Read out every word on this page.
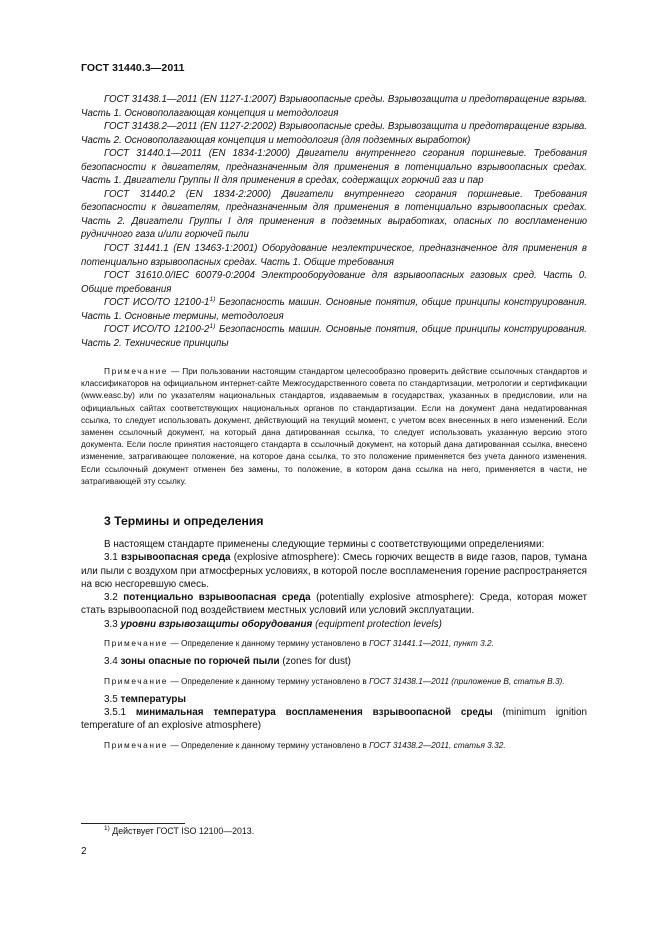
ГОСТ 31440.3—2011

ГОСТ 31438.1—2011 (EN 1127-1:2007) Взрывоопасные среды. Взрывозащита и предотвращение взрыва. Часть 1. Основополагающая концепция и методология

ГОСТ 31438.2—2011 (EN 1127-2:2002) Взрывоопасные среды. Взрывозащита и предотвращение взрыва. Часть 2. Основополагающая концепция и методология (для подземных выработок)

ГОСТ 31440.1—2011 (EN 1834-1:2000) Двигатели внутреннего сгорания поршневые. Требования безопасности к двигателям, предназначенным для применения в потенциально взрывоопасных средах. Часть 1. Двигатели Группы II для применения в средах, содержащих горючий газ и пар

ГОСТ 31440.2 (EN 1834-2:2000) Двигатели внутреннего сгорания поршневые. Требования безопасности к двигателям, предназначенным для применения в потенциально взрывоопасных средах. Часть 2. Двигатели Группы I для применения в подземных выработках, опасных по воспламенению рудничного газа и/или горючей пыли

ГОСТ 31441.1 (EN 13463-1:2001) Оборудование неэлектрическое, предназначенное для применения в потенциально взрывоопасных средах. Часть 1. Общие требования

ГОСТ 31610.0/IEC 60079-0:2004 Электрооборудование для взрывоопасных газовых сред. Часть 0. Общие требования

ГОСТ ИСО/ТО 12100-1$^{1)}$ Безопасность машин. Основные понятия, общие принципы конструирования. Часть 1. Основные термины, методология

ГОСТ ИСО/ТО 12100-2$^{1)}$ Безопасность машин. Основные понятия, общие принципы конструирования. Часть 2. Технические принципы

Примечание — При пользовании настоящим стандартом целесообразно проверить действие ссылочных стандартов и классификаторов на официальном интернет-сайте Межгосударственного совета по стандартизации, метрологии и сертификации (www.easc.by) или по указателям национальных стандартов, издаваемым в государствах, указанных в предисловии, или на официальных сайтах соответствующих национальных органов по стандартизации. Если на документ дана недатированная ссылка, то следует использовать документ, действующий на текущий момент, с учетом всех внесенных в него изменений. Если заменен ссылочный документ, на который дана датированная ссылка, то следует использовать указанную версию этого документа. Если после принятия настоящего стандарта в ссылочный документ, на который дана датированная ссылка, внесено изменение, затрагивающее положение, на которое дана ссылка, то это положение применяется без учета данного изменения. Если ссылочный документ отменен без замены, то положение, в котором дана ссылка на него, применяется в части, не затрагивающей эту ссылку.

3 Термины и определения

В настоящем стандарте применены следующие термины с соответствующими определениями:

3.1 взрывоопасная среда (explosive atmosphere): Смесь горючих веществ в виде газов, паров, тумана или пыли с воздухом при атмосферных условиях, в которой после воспламенения горение распространяется на всю несгоревшую смесь.

3.2 потенциально взрывоопасная среда (potentially explosive atmosphere): Среда, которая может стать взрывоопасной под воздействием местных условий или условий эксплуатации.

3.3 уровни взрывозащиты оборудования (equipment protection levels)

Примечание — Определение к данному термину установлено в ГОСТ 31441.1—2011, пункт 3.2.

3.4 зоны опасные по горючей пыли (zones for dust)

Примечание — Определение к данному термину установлено в ГОСТ 31438.1—2011 (приложение В, статья В.3).

3.5 температуры

3.5.1 минимальная температура воспламенения взрывоопасной среды (minimum ignition temperature of an explosive atmosphere)

Примечание — Определение к данному термину установлено в ГОСТ 31438.2—2011, статья 3.32.

$^{1)}$ Действует ГОСТ ISO 12100—2013.
2
